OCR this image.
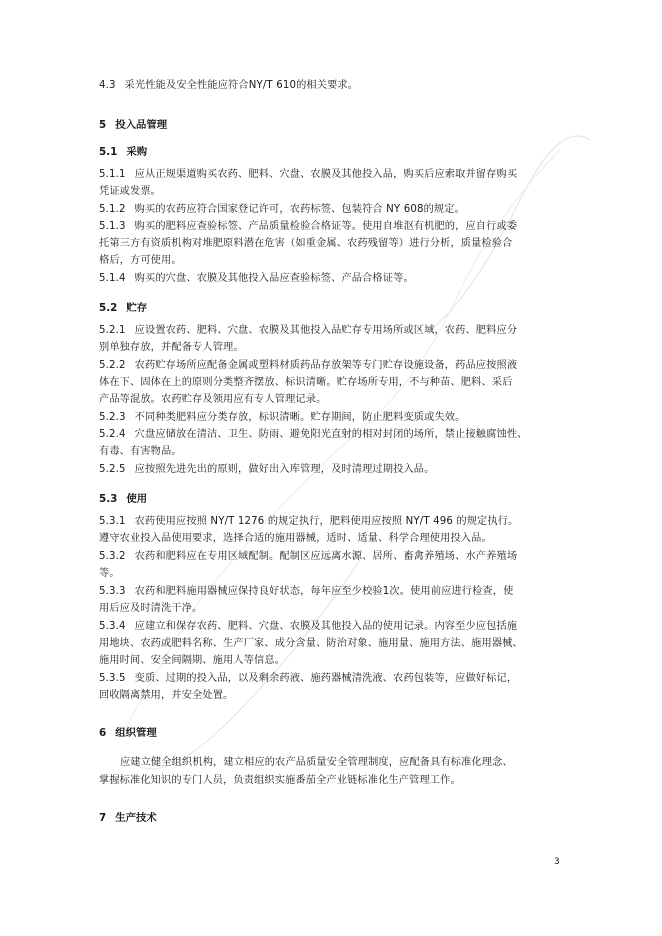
4.3 采光性能及安全性能应符合NY/T 610的相关要求。
5 投入品管理
5.1 采购
5.1.1 应从正规渠道购买农药、肥料、穴盘、农膜及其他投入品，购买后应索取并留存购买
凭证或发票。
5.1.2 购买的农药应符合国家登记许可，农药标签、包装符合 NY 608的规定。
5.1.3 购买的肥料应查验标签、产品质量检验合格证等。使用自堆沤有机肥的，应自行或委
托第三方有资质机构对堆肥原料潜在危害（如重金属、农药残留等）进行分析，质量检验合
格后，方可使用。
5.1.4 购买的穴盘、农膜及其他投入品应查验标签、产品合格证等。
5.2 贮存
5.2.1 应设置农药、肥料、穴盘、农膜及其他投入品贮存专用场所或区域，农药、肥料应分
别单独存放，并配备专人管理。
5.2.2 农药贮存场所应配备金属或塑料材质药品存放架等专门贮存设施设备，药品应按照液
体在下、固体在上的原则分类整齐摆放、标识清晰。贮存场所专用，不与种苗、肥料、采后
产品等混放。农药贮存及领用应有专人管理记录。
5.2.3 不同种类肥料应分类存放，标识清晰。贮存期间，防止肥料变质或失效。
5.2.4 穴盘应储放在清洁、卫生、防雨、避免阳光直射的相对封闭的场所，禁止接触腐蚀性、
有毒、有害物品。
5.2.5 应按照先进先出的原则，做好出入库管理，及时清理过期投入品。
5.3 使用
5.3.1 农药使用应按照 NY/T 1276 的规定执行，肥料使用应按照 NY/T 496 的规定执行。
遵守农业投入品使用要求，选择合适的施用器械，适时、适量、科学合理使用投入品。
5.3.2 农药和肥料应在专用区域配制。配制区应远离水源、居所、畜禽养殖场、水产养殖场
等。
5.3.3 农药和肥料施用器械应保持良好状态，每年应至少校验1次。使用前应进行检查，使
用后应及时清洗干净。
5.3.4 应建立和保存农药、肥料、穴盘、农膜及其他投入品的使用记录。内容至少应包括施
用地块、农药或肥料名称、生产厂家、成分含量、防治对象、施用量、施用方法、施用器械、
施用时间、安全间隔期、施用人等信息。
5.3.5 变质、过期的投入品，以及剩余药液、施药器械清洗液、农药包装等，应做好标记，
回收隔离禁用，并安全处置。
6 组织管理
应建立健全组织机构，建立相应的农产品质量安全管理制度，应配备具有标准化理念、
掌握标准化知识的专门人员，负责组织实施番茄全产业链标准化生产管理工作。
7 生产技术
3
